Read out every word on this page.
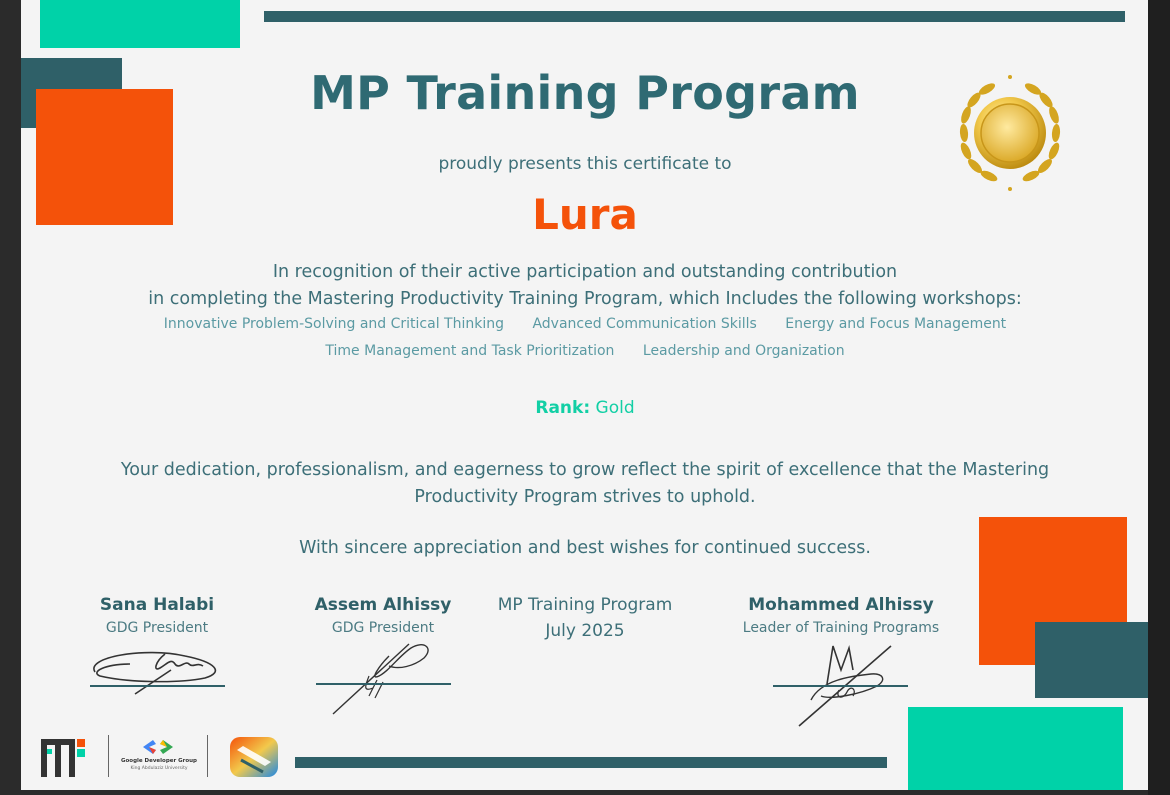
MP Training Program
proudly presents this certificate to
Lura
In recognition of their active participation and outstanding contribution
in completing the Mastering Productivity Training Program, which Includes the following workshops:
Innovative Problem-Solving and Critical Thinking Advanced Communication Skills Energy and Focus Management
Time Management and Task Prioritization Leadership and Organization
Rank: Gold
Your dedication, professionalism, and eagerness to grow reflect the spirit of excellence that the Mastering Productivity Program strives to uphold.
With sincere appreciation and best wishes for continued success.
Sana Halabi
GDG President
Assem Alhissy
GDG President
MP Training Program
July 2025
Mohammed Alhissy
Leader of Training Programs
Google Developer Group
King Abdulaziz University
